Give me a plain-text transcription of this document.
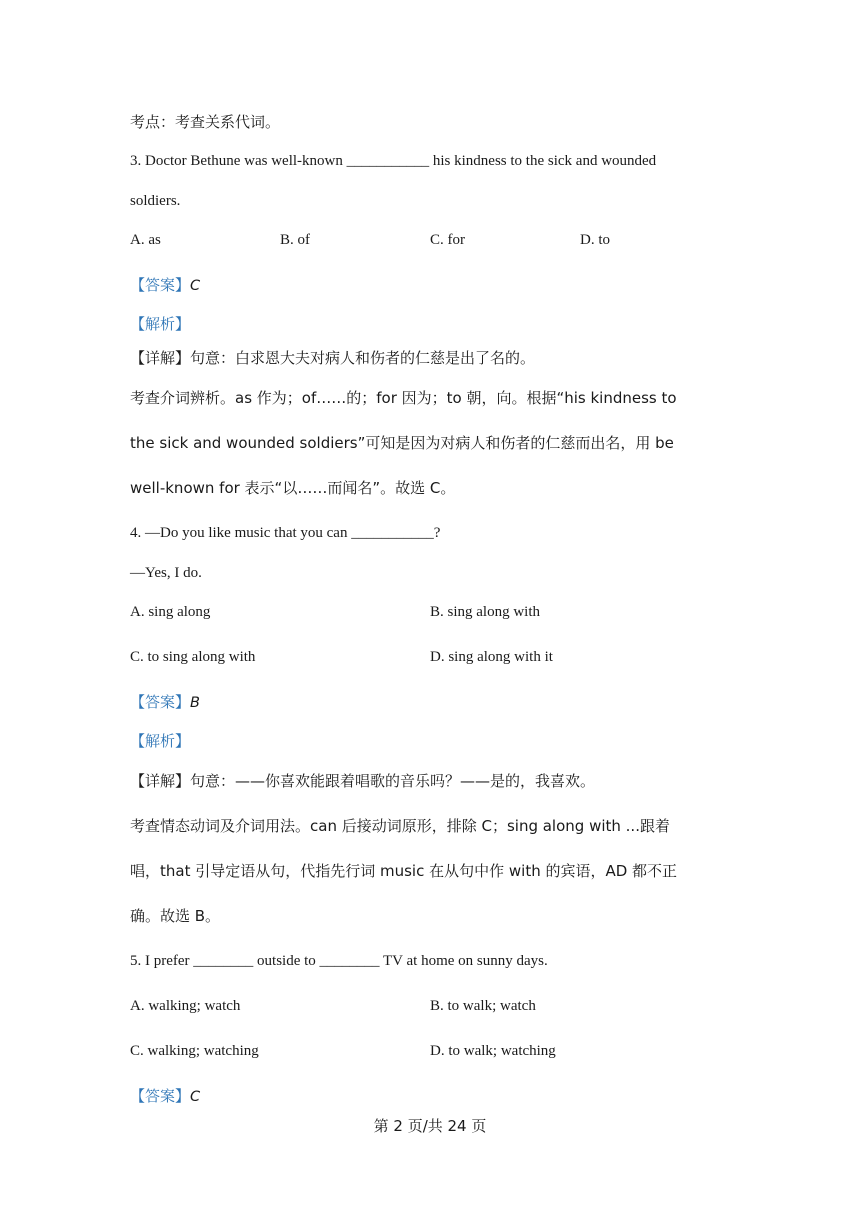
考点：考查关系代词。
3. Doctor Bethune was well-known ___________ his kindness to the sick and wounded
soldiers.
A. as	B. of	C. for	D. to
【答案】C
【解析】
【详解】句意：白求恩大夫对病人和伤者的仁慈是出了名的。
考查介词辨析。as 作为；of……的；for 因为；to 朝，向。根据“his kindness to
the sick and wounded soldiers”可知是因为对病人和伤者的仁慈而出名，用 be
well-known for 表示“以……而闻名”。故选 C。
4. —Do you like music that you can ___________?
—Yes, I do.
A. sing along	B. sing along with
C. to sing along with	D. sing along with it
【答案】B
【解析】
【详解】句意：——你喜欢能跟着唱歌的音乐吗？——是的，我喜欢。
考查情态动词及介词用法。can 后接动词原形，排除 C；sing along with ...跟着
唱，that 引导定语从句，代指先行词 music 在从句中作 with 的宾语，AD 都不正
确。故选 B。
5. I prefer ________ outside to ________ TV at home on sunny days.
A. walking; watch	B. to walk; watch
C. walking; watching	D. to walk; watching
【答案】C
第 2 页/共 24 页
